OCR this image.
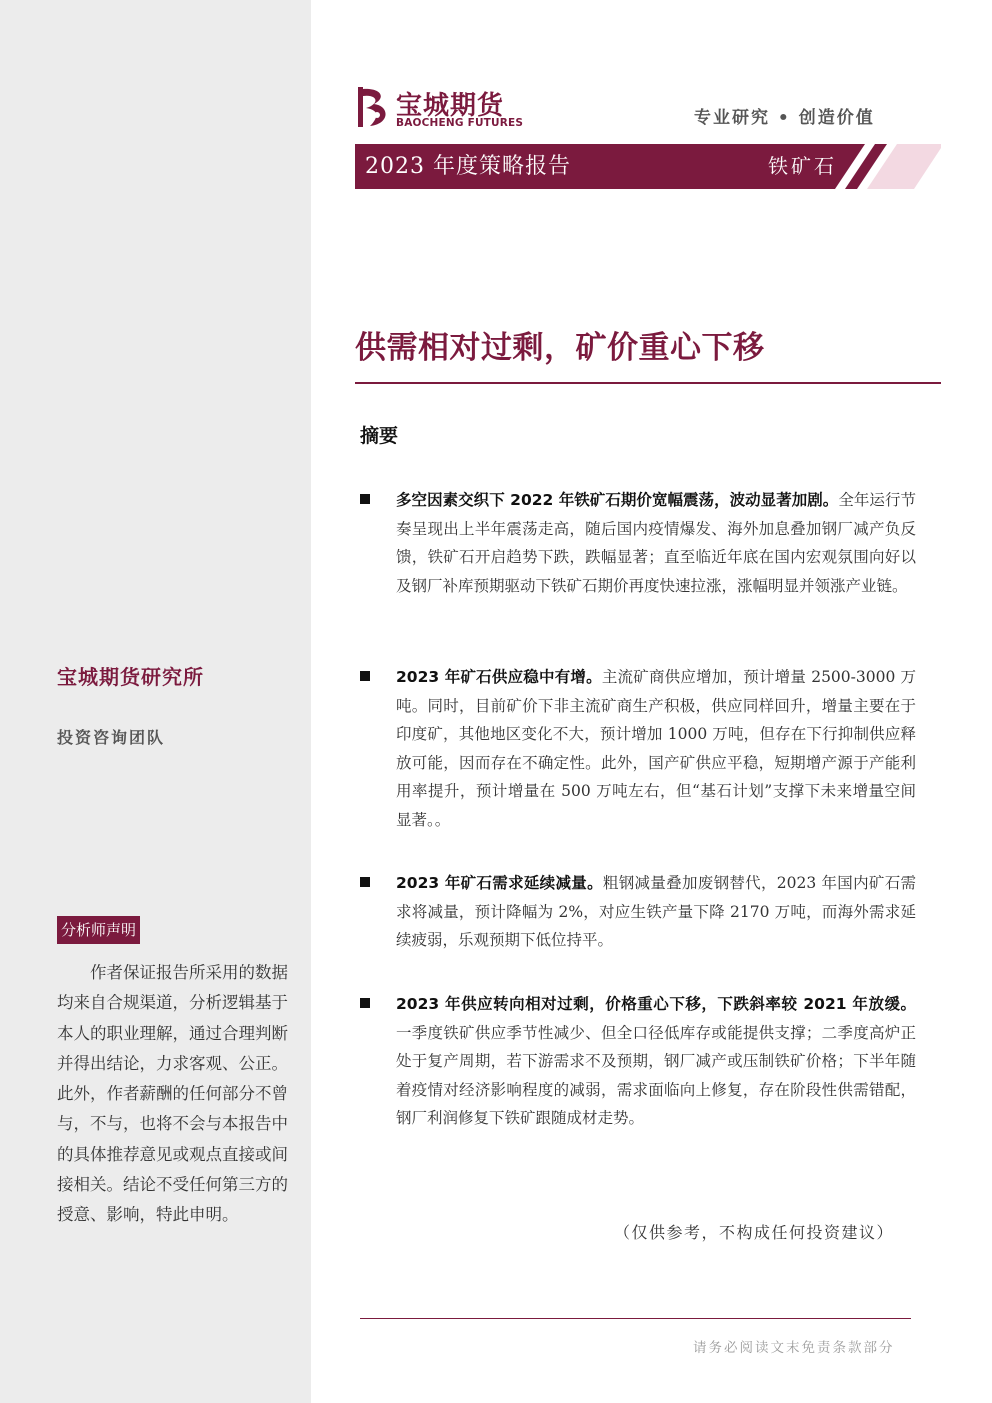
宝城期货研究所
投资咨询团队
分析师声明
作者保证报告所采用的数据均来自合规渠道，分析逻辑基于本人的职业理解，通过合理判断并得出结论，力求客观、公正。此外，作者薪酬的任何部分不曾与，不与，也将不会与本报告中的具体推荐意见或观点直接或间接相关。结论不受任何第三方的授意、影响，特此申明。
宝城期货
BAOCHENG FUTURES	专业研究 • 创造价值
2023 年度策略报告	铁矿石
供需相对过剩，矿价重心下移
摘要
多空因素交织下 2022 年铁矿石期价宽幅震荡，波动显著加剧。全年运行节奏呈现出上半年震荡走高，随后国内疫情爆发、海外加息叠加钢厂减产负反馈，铁矿石开启趋势下跌，跌幅显著；直至临近年底在国内宏观氛围向好以及钢厂补库预期驱动下铁矿石期价再度快速拉涨，涨幅明显并领涨产业链。
2023 年矿石供应稳中有增。主流矿商供应增加，预计增量 2500-3000 万吨。同时，目前矿价下非主流矿商生产积极，供应同样回升，增量主要在于印度矿，其他地区变化不大，预计增加 1000 万吨，但存在下行抑制供应释放可能，因而存在不确定性。此外，国产矿供应平稳，短期增产源于产能利用率提升，预计增量在 500 万吨左右，但“基石计划”支撑下未来增量空间显著。。
2023 年矿石需求延续减量。粗钢减量叠加废钢替代，2023 年国内矿石需求将减量，预计降幅为 2%，对应生铁产量下降 2170 万吨，而海外需求延续疲弱，乐观预期下低位持平。
2023 年供应转向相对过剩，价格重心下移，下跌斜率较 2021 年放缓。一季度铁矿供应季节性减少、但全口径低库存或能提供支撑；二季度高炉正处于复产周期，若下游需求不及预期，钢厂减产或压制铁矿价格；下半年随着疫情对经济影响程度的减弱，需求面临向上修复，存在阶段性供需错配，钢厂利润修复下铁矿跟随成材走势。
（仅供参考，不构成任何投资建议）
请务必阅读文末免责条款部分
